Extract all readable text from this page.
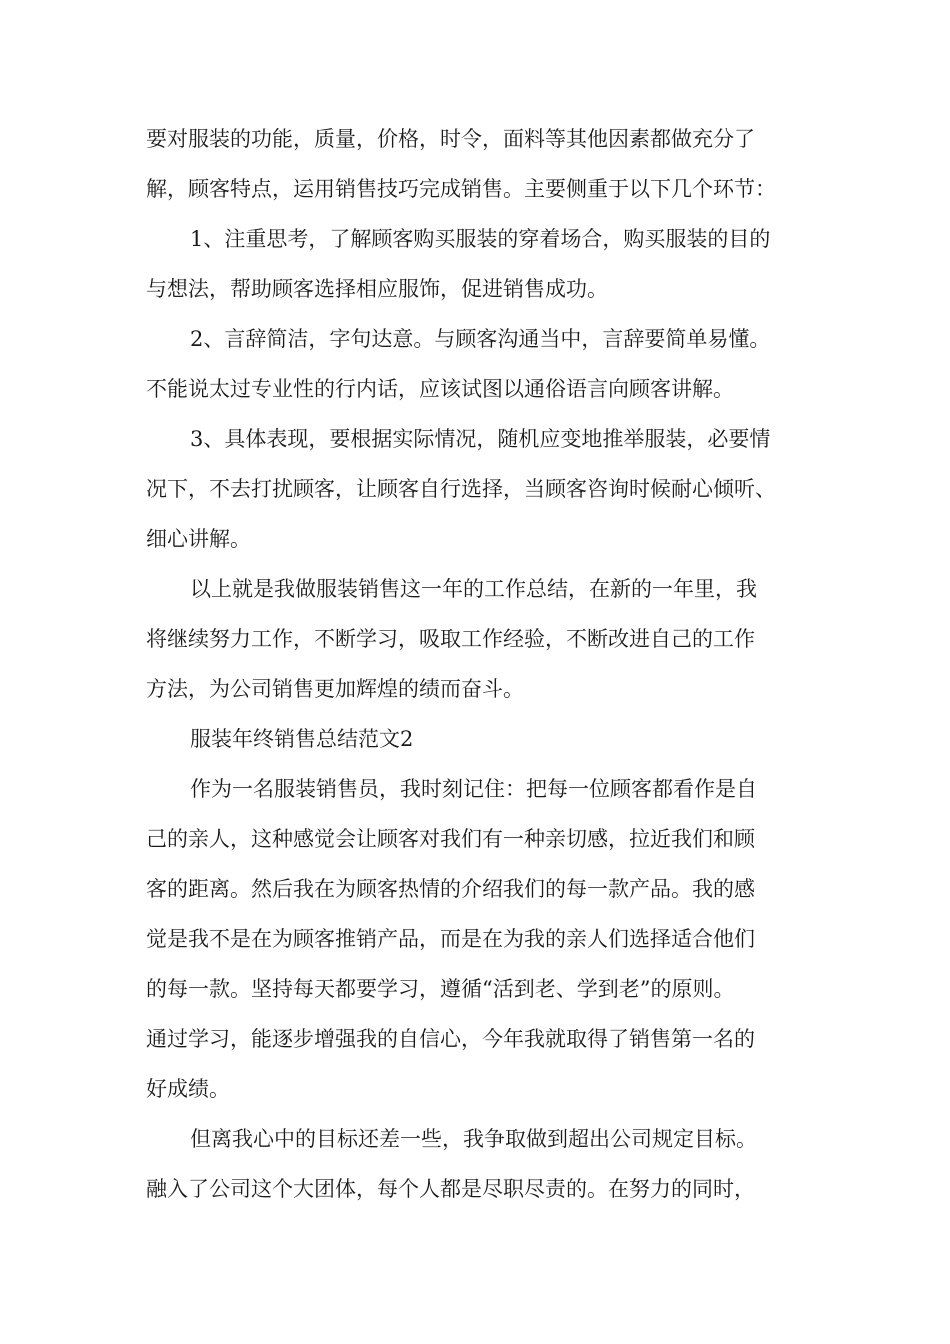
要对服装的功能，质量，价格，时令，面料等其他因素都做充分了
解，顾客特点，运用销售技巧完成销售。主要侧重于以下几个环节：
1、注重思考，了解顾客购买服装的穿着场合，购买服装的目的
与想法，帮助顾客选择相应服饰，促进销售成功。
2、言辞简洁，字句达意。与顾客沟通当中，言辞要简单易懂。
不能说太过专业性的行内话，应该试图以通俗语言向顾客讲解。
3、具体表现，要根据实际情况，随机应变地推举服装，必要情
况下，不去打扰顾客，让顾客自行选择，当顾客咨询时候耐心倾听、
细心讲解。
以上就是我做服装销售这一年的工作总结，在新的一年里，我
将继续努力工作，不断学习，吸取工作经验，不断改进自己的工作
方法，为公司销售更加辉煌的绩而奋斗。
服装年终销售总结范文2
作为一名服装销售员，我时刻记住：把每一位顾客都看作是自
己的亲人，这种感觉会让顾客对我们有一种亲切感，拉近我们和顾
客的距离。然后我在为顾客热情的介绍我们的每一款产品。我的感
觉是我不是在为顾客推销产品，而是在为我的亲人们选择适合他们
的每一款。坚持每天都要学习，遵循“活到老、学到老”的原则。
通过学习，能逐步增强我的自信心，今年我就取得了销售第一名的
好成绩。
但离我心中的目标还差一些，我争取做到超出公司规定目标。
融入了公司这个大团体，每个人都是尽职尽责的。在努力的同时，
